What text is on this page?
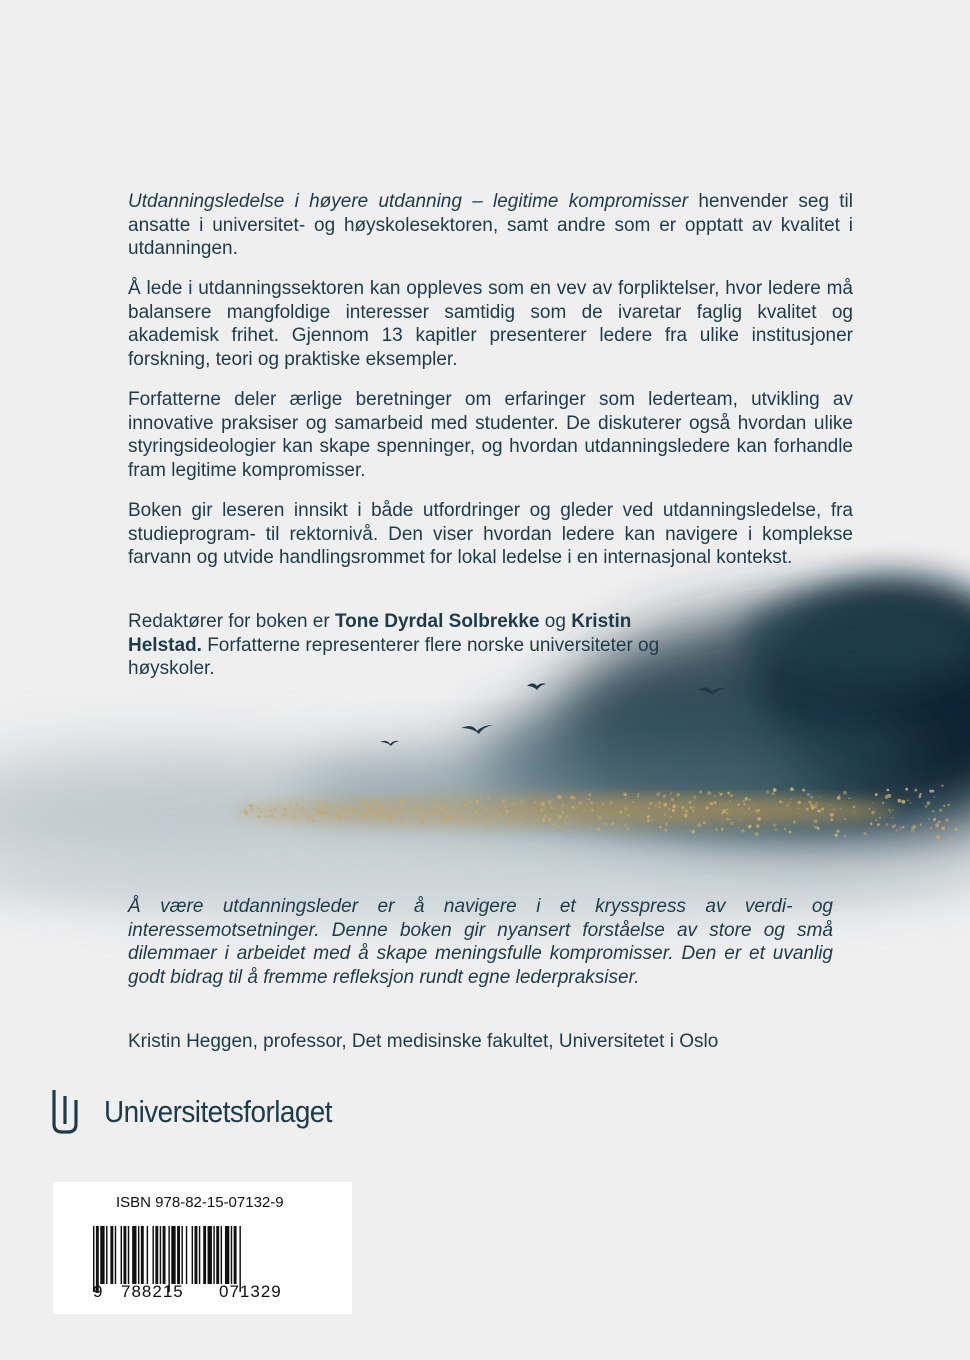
Utdanningsledelse i høyere utdanning – legitime kompromisser henvender seg til ansatte i universitet- og høyskolesektoren, samt andre som er opptatt av kvalitet i utdanningen.

Å lede i utdanningssektoren kan oppleves som en vev av forpliktelser, hvor ledere må balansere mangfoldige interesser samtidig som de ivaretar faglig kvalitet og akademisk frihet. Gjennom 13 kapitler presenterer ledere fra ulike institusjoner forskning, teori og praktiske eksempler.

Forfatterne deler ærlige beretninger om erfaringer som lederteam, utvikling av innovative praksiser og samarbeid med studenter. De diskuterer også hvordan ulike styringsideologier kan skape spenninger, og hvordan utdanningsledere kan forhandle fram legitime kompromisser.

Boken gir leseren innsikt i både utfordringer og gleder ved utdanningsledelse, fra studieprogram- til rektornivå. Den viser hvordan ledere kan navigere i komplekse farvann og utvide handlingsrommet for lokal ledelse i en internasjonal kontekst.

Redaktører for boken er Tone Dyrdal Solbrekke og Kristin Helstad. Forfatterne representerer flere norske universiteter og høyskoler.

Å være utdanningsleder er å navigere i et krysspress av verdi- og interessemotsetninger. Denne boken gir nyansert forståelse av store og små dilemmaer i arbeidet med å skape meningsfulle kompromisser. Den er et uvanlig godt bidrag til å fremme refleksjon rundt egne lederpraksiser.

Kristin Heggen, professor, Det medisinske fakultet, Universitetet i Oslo

Universitetsforlaget
ISBN 978-82-15-07132-9
9 788215 071329
